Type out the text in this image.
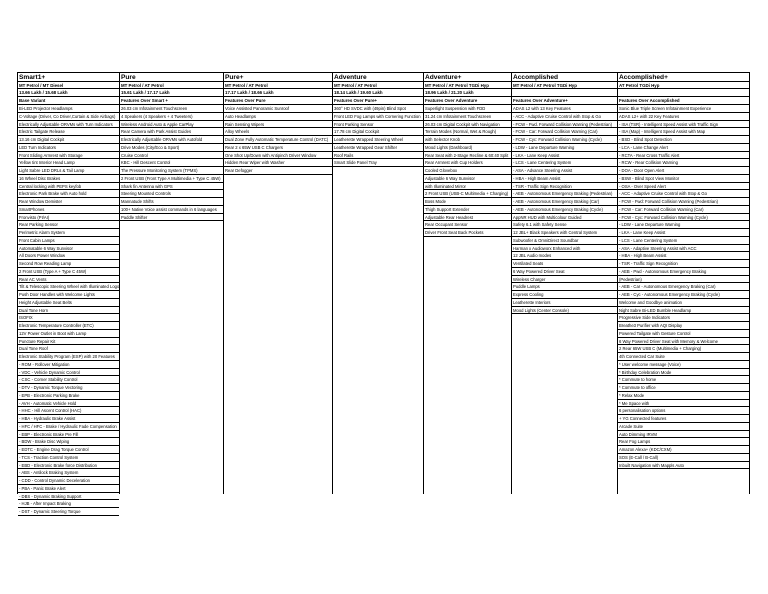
Smart1+
MT Petrol / MT Diesel
13.66 Lakh / 15.68 Lakh
Base Variant
Bi-LED Projector Headlamps
C-Voltage (Driver, Co Driver,Curtain & Side Airbags)
Electrically Adjustable ORVMs with Turn Indicators
Electric Tailgate Release
13.16 cm Digital Cockpit
LED Turn Indicators
Front Sliding Armrest with Storage
Yellow tint Interior Head Lamp
Light Sabre LED DRLs & Tail Lamp
16 Wheel Disc Brakes
Central locking with PEPS keyfob
Electronic Park Brake with Auto hold
Rear Window Demister
SmartPhones
Fronvisto (PI/AI)
Rear Parking Sensor
Perimetric Alarm System
Front Cabin Lamps
Automatable 6 Way Sunvisor
All Doors Power Window
Second Row Reading Lamp
2 Front USB (Type A + Type C 45W)
Rear AC Vents
Tilt & Telescopic Steering Wheel with Illuminated Logo
Push Door Handles with Welcome Lights
Height Adjustable Seat Belts
Dual Tone Horn
ISOFIX
Electronic Temperature Controller (ETC)
12V Power Outlet in Boot with Lamp
Puncture Repair Kit
Dual Tone Roof
Electronic Stability Program (ESP) with 20 Features
- ROM - Rollover Mitigation
- VDC - Vehicle Dynamic Control
- CSC - Corner Stability Control
- DTV - Dynamic Torque Vectoring
- EPB - Electronic Parking Brake
- AVH - Automatic Vehicle Hold
- HHC - Hill Ascent Control (HAC)
- HBA - Hydraulic Brake Assist
- HFC / HFC - Brake / Hydraulic Fade Compensation
- EBP - Electronic Brake Pre Fill
- BDW - Brake Disc Wiping
- EDTC - Engine Drag Torque Control
- TCS - Traction Control System
- EBD - Electronic Brake force Distribution
- ABS - Antilock Braking System
- CDD - Control Dynamic Deceleration
- PBA - Panic Brake Alert
- DBS - Dynamic Braking Support
- HJB - After Impact Braking
- DST - Dynamic Steering Torque
Pure
MT Petrol / AT Petrol
15.61 Lakh / 17.17 Lakh
Features Over Smart +
26.03 cm Infotainment Touchscreen
4 Speakers (4 Speakers + 4 Tweeters)
Wireless Android Auto & Apple CarPlay
Rear Camera with Park Assist Guides
Electrically Adjustable ORVMs with Autofold
Drive Modes (City/Eco & Sport)
Cruise Control
KBC - Hill Descent Control
The Pressure Monitoring System (TPMS)
2 Front USB (Front Type A Multimedia + Type C 45W)
Shark fin Antenna with GPS
Steering Mounted Controls
Mannatude Shifts
100+ Native Voice assist commands in 6 languages
Paddle Shifter
Pure+
MT Petrol / AT Petrol
17.17 Lakh / 18.66 Lakh
Features Over Pure
Voice Assisted Panoramic Sunroof
Auto Headlamps
Rain Sensing Wipers
Alloy Wheels
Dual Zone Fully Automatic Temperature Control (DATC)
Rear 2 x 65W USB C Chargers
One Shot Up/Down with Antipinch Driver Window
Hidden Rear Wiper with Washer
Rear Defogger
Adventure
MT Petrol / AT Petrol
18.14 Lakh / 19.60 Lakh
Features Over Pure+
360° HD SVDC with (49pin) Blind Spot
Front LED Fog Lamps with Cornering Function
Front Parking Sensor
17.78 cm Digital Cockpit
Leatherette Wrapped Steering Wheel
Leatherette Wrapped Gear Shifter
Roof Rails
Smart Slide Panel Tray
Adventure+
MT Petrol / AT Petrol TGDi Hyp
18.96 Lakh / 21.20 Lakh
Features Over Adventure
Superlight Suspension with FDD
31.24 cm Infotainment Touchscreen
26.03 cm Digital Cockpit with Navigation
Terrain Modes (Normal, Wet & Rough)
with Selector Knob
Mood Lights (Dashboard)
Rear Seat with 2-Stage Recline & 60:40 Split
Rear Armrest with Cup Holders
Cooled Glovebox
Adjustable 6 Way Sunvisor
with Illuminated Mirror
2 Front USB (USB-C Multimedia + Charging)
Boss Mode
Thigh Support Extender
Adjustable Rear Headrest
Rear Occupant Sensor
Driver Front Seat Back Pockets
Accomplished
MT Petrol / AT Petrol TGDi Hyp
Features Over Adventure+
ADAS L2 with 13 Key Features
- ACC - Adaptive Cruise Control with Stop & Go
- FCW - Fwd. Forward Collision Warning (Pedestrian)
- FCW - Car: Forward Collision Warning (Car)
- FCW - Cyc: Forward Collision Warning (Cycle)
- LDW - Lane Departure Warning
- LKA - Lane Keep Assist
- LCS - Lane Centering System
- ASA - Advance Steering Assist
- HBA - High Beam Assist
- TSR - Traffic Sign Recognition
- AEB - Autonomous Emergency Braking (Pedestrian)
- AEB - Autonomous Emergency Braking (Car)
- AEB - Autonomous Emergency Braking (Cycle)
AppNR HUD with Multicolour Guided
Safety 6.1 with Safety Sense
12 JBL+ Black Speakers with Central System
Subwoofer & OmniDirect Soundbar
Harman x Audioworx Enhanced with
12 JBL Audio modes
Ventilated Seats
6 Way Powered Driver Seat
Wireless Charger
Puddle Lamps
Express Cooling
Leatherette Interiors
Mood Lights (Center Console)
Accomplished+
AT Petrol TGDi Hyp
Features Over Accomplished
Sonic Blue Triple Screen Infotainment Experience
ADAS L2+ with 22 Key Features
- ISA (TSR) - Intelligent Speed Assist with Traffic Sign
- ISA (Map) - Intelligent Speed Assist with Map
- BSD - Blind Spot Detection
- LCA - Lane Change Alert
- RCTA - Rear Cross Traffic Alert
- RCW - Rear Collision Warning
- DOA - Door Open Alert
- BSW - Blind Spot View Monitor
- OSA - Over Speed Alert
- ACC - Adaptive Cruise Control with Stop & Go
- FCW - Fwd: Forward Collision Warning (Pedestrian)
- FCW - Car: Forward Collision Warning (Car)
- FCW - Cyc: Forward Collision Warning (Cycle)
- LDW - Lane Departure Warning
- LKA - Lane Keep Assist
- LCS - Lane Centering System
- ASA - Adaptive Steering Assist with ACC
- HBA - High Beam Assist
- TSR - Traffic Sign Recognition
- AEB - Pwd - Autonomous Emergency Braking
(Pedestrian)
- AEB - Car - Autonomous Emergency Braking (Car)
- AEB - Cyc - Autonomous Emergency Braking (Cycle)
Welcome and Goodbye animation
Night Sabre Bi-LED Bumble Headlamp
Progressive Side Indicators
Breathe3 Purifier with AQI Display
Powered Tailgate with Gesture Control
6 Way Powered Driver Seat with Memory & Welcome
2 Rear 65W USB C (Multimedia + Charging)
4th Connected Car Suite
* User welcome message (Voice)
* Birthday Celebration Mode
* Commute to home
* Commute to office
* Relax Mode
* Me Space with
6 personalisation options
+ YG Connected features
Arcade Suite
Auto Dimming IRVM
Rear Fog Lamps
Amazon Alexa+ (KDC/CXM)
SOS (E-Call / B-Call)
Inbuilt Navigation with Mappls Auto
